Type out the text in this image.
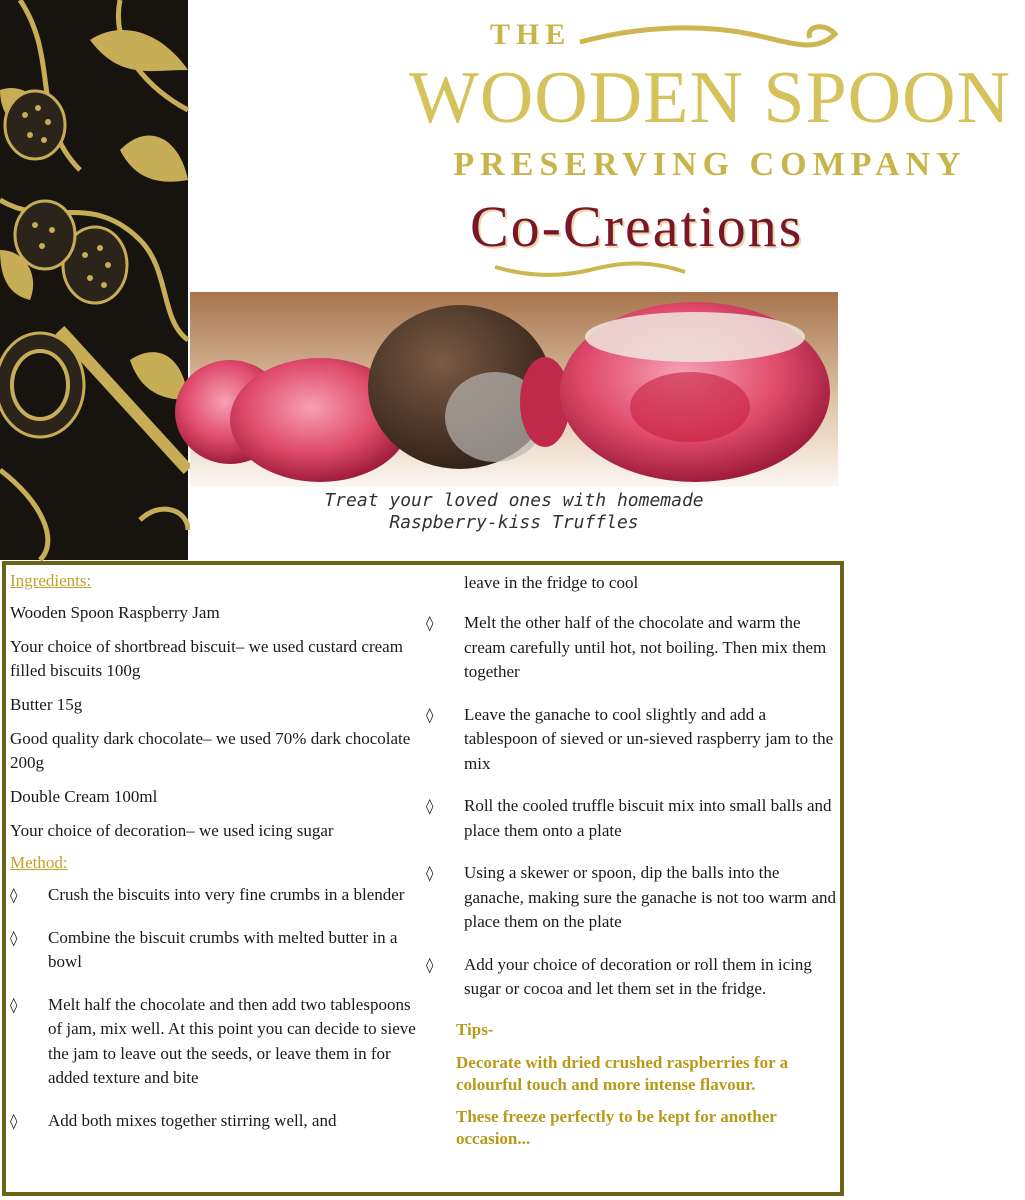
THE
WOODEN SPOON
PRESERVING COMPANY
Co-Creations
Treat your loved ones with homemade
Raspberry-kiss Truffles
Ingredients:
Wooden Spoon Raspberry Jam
Your choice of shortbread biscuit– we used custard cream filled biscuits 100g
Butter 15g
Good quality dark chocolate– we used 70% dark chocolate 200g
Double Cream 100ml
Your choice of decoration– we used icing sugar
Method:
◊ Crush the biscuits into very fine crumbs in a blender
◊ Combine the biscuit crumbs with melted butter in a bowl
◊ Melt half the chocolate and then add two tablespoons of jam, mix well. At this point you can decide to sieve the jam to leave out the seeds, or leave them in for added texture and bite
◊ Add both mixes together stirring well, and
leave in the fridge to cool
◊ Melt the other half of the chocolate and warm the cream carefully until hot, not boiling. Then mix them together
◊ Leave the ganache to cool slightly and add a tablespoon of sieved or un-sieved raspberry jam to the mix
◊ Roll the cooled truffle biscuit mix into small balls and place them onto a plate
◊ Using a skewer or spoon, dip the balls into the ganache, making sure the ganache is not too warm and place them on the plate
◊ Add your choice of decoration or roll them in icing sugar or cocoa and let them set in the fridge.
Tips-
Decorate with dried crushed raspberries for a colourful touch and more intense flavour.
These freeze perfectly to be kept for another occasion...
